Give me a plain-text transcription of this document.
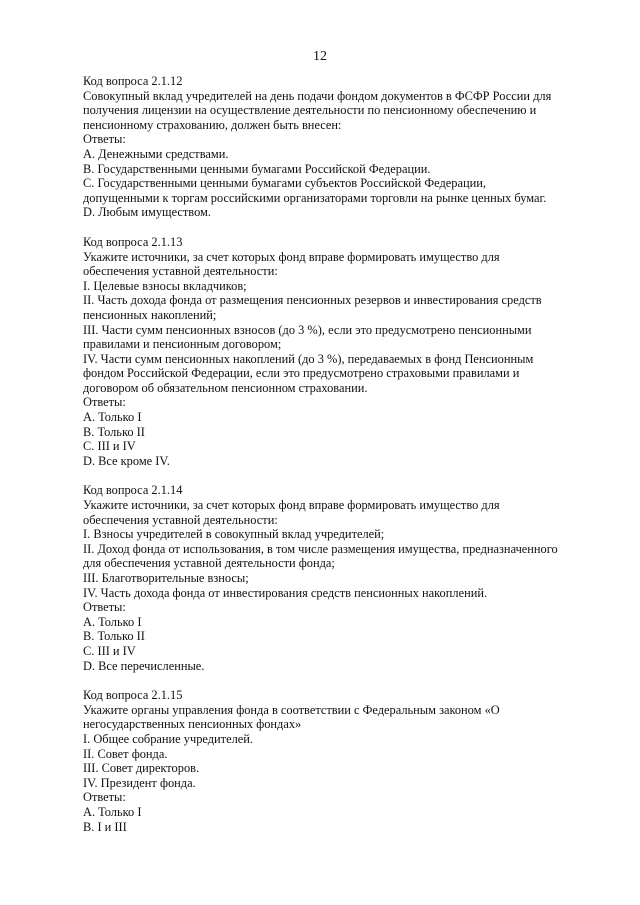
12
Код вопроса 2.1.12
Совокупный вклад учредителей на день подачи фондом документов в ФСФР России для
получения лицензии на осуществление деятельности по пенсионному обеспечению и
пенсионному страхованию, должен быть внесен:
Ответы:
А. Денежными средствами.
В. Государственными ценными бумагами Российской Федерации.
С. Государственными ценными бумагами субъектов Российской Федерации,
допущенными к торгам российскими организаторами торговли на рынке ценных бумаг.
D. Любым имуществом.
Код вопроса 2.1.13
Укажите источники, за счет которых фонд вправе формировать имущество для
обеспечения уставной деятельности:
I. Целевые взносы вкладчиков;
II. Часть дохода фонда от размещения пенсионных резервов и инвестирования средств
пенсионных накоплений;
III. Части сумм пенсионных взносов (до 3 %), если это предусмотрено пенсионными
правилами и пенсионным договором;
IV. Части сумм пенсионных накоплений (до 3 %), передаваемых в фонд Пенсионным
фондом Российской Федерации, если это предусмотрено страховыми правилами и
договором об обязательном пенсионном страховании.
Ответы:
А. Только I
В. Только II
С. III и IV
D. Все кроме IV.
Код вопроса 2.1.14
Укажите источники, за счет которых фонд вправе формировать имущество для
обеспечения уставной деятельности:
I. Взносы учредителей в совокупный вклад учредителей;
II. Доход фонда от использования, в том числе размещения имущества, предназначенного
для обеспечения уставной деятельности фонда;
III. Благотворительные взносы;
IV. Часть дохода фонда от инвестирования средств пенсионных накоплений.
Ответы:
А. Только I
В. Только II
С. III и IV
D. Все перечисленные.
Код вопроса 2.1.15
Укажите органы управления фонда в соответствии с Федеральным законом «О
негосударственных пенсионных фондах»
I. Общее собрание учредителей.
II. Совет фонда.
III. Совет директоров.
IV. Президент фонда.
Ответы:
А. Только I
В. I и III
